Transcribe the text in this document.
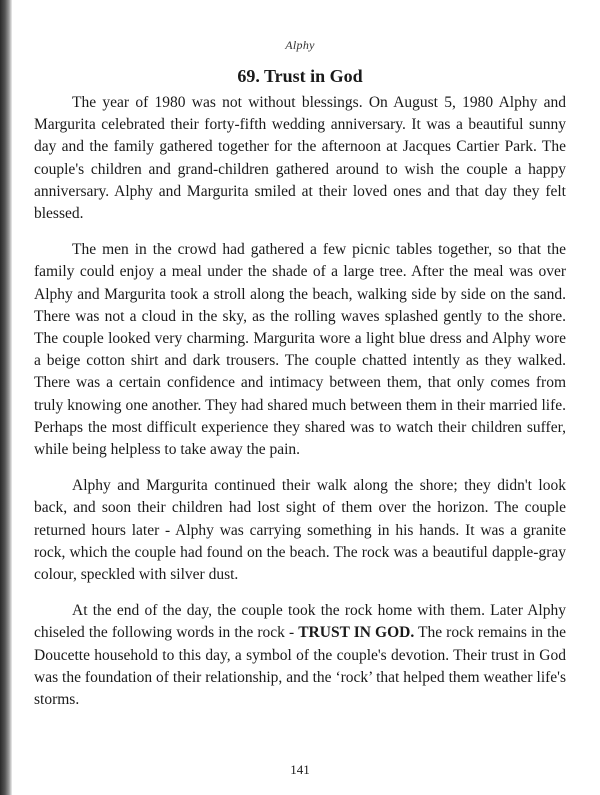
Alphy
69. Trust in God

The year of 1980 was not without blessings. On August 5, 1980 Alphy and Margurita celebrated their forty-fifth wedding anniversary. It was a beautiful sunny day and the family gathered together for the afternoon at Jacques Cartier Park. The couple's children and grand-children gathered around to wish the couple a happy anniversary. Alphy and Margurita smiled at their loved ones and that day they felt blessed.

The men in the crowd had gathered a few picnic tables together, so that the family could enjoy a meal under the shade of a large tree. After the meal was over Alphy and Margurita took a stroll along the beach, walking side by side on the sand. There was not a cloud in the sky, as the rolling waves splashed gently to the shore. The couple looked very charming. Margurita wore a light blue dress and Alphy wore a beige cotton shirt and dark trousers. The couple chatted intently as they walked. There was a certain confidence and intimacy between them, that only comes from truly knowing one another. They had shared much between them in their married life. Perhaps the most difficult experience they shared was to watch their children suffer, while being helpless to take away the pain.

Alphy and Margurita continued their walk along the shore; they didn't look back, and soon their children had lost sight of them over the horizon. The couple returned hours later - Alphy was carrying something in his hands. It was a granite rock, which the couple had found on the beach. The rock was a beautiful dapple-gray colour, speckled with silver dust.

At the end of the day, the couple took the rock home with them. Later Alphy chiseled the following words in the rock - TRUST IN GOD. The rock remains in the Doucette household to this day, a symbol of the couple's devotion. Their trust in God was the foundation of their relationship, and the ‘rock’ that helped them weather life's storms.

141
